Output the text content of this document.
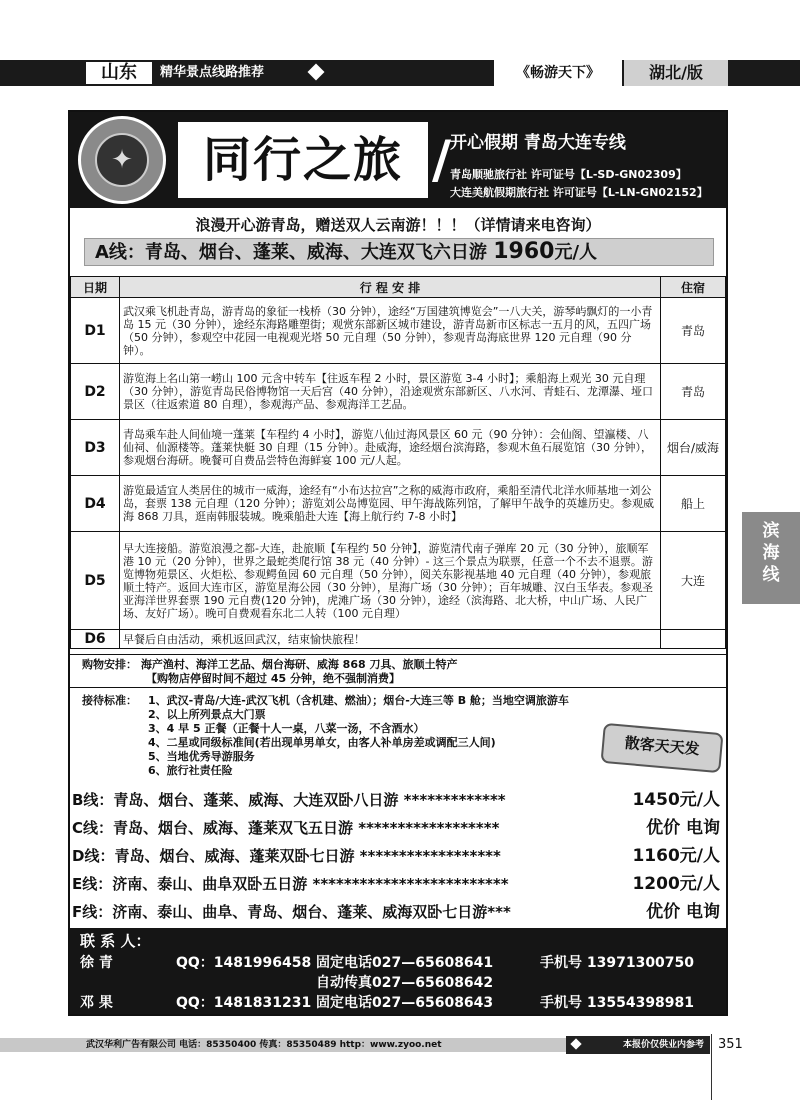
山东	精华景点线路推荐	《畅游天下》	湖北/版
✦	同行之旅 / 开心假期 青岛大连专线
青岛顺驰旅行社 许可证号【L-SD-GN02309】
大连美航假期旅行社 许可证号【L-LN-GN02152】
浪漫开心游青岛，赠送双人云南游！！！（详情请来电咨询）
A线：青岛、烟台、蓬莱、威海、大连双飞六日游 1960元/人
日期	行 程 安 排	住宿
D1	武汉乘飞机赴青岛，游青岛的象征一栈桥（30 分钟），途经“万国建筑博览会”一八大关，游琴屿飘灯的一小青岛 15 元（30 分钟），途经东海路雕塑街；观赏东部新区城市建设，游青岛新市区标志一五月的风，五四广场（50 分钟），参观空中花园一电视观光塔 50 元自理（50 分钟），参观青岛海底世界 120 元自理（90 分钟）。	青岛
D2	游览海上名山第一崂山 100 元含中转车【往返车程 2 小时，景区游览 3-4 小时】；乘船海上观光 30 元自理（30 分钟），游览青岛民俗博物馆一天后宫（40 分钟），沿途观赏东部新区、八水河、青蛙石、龙潭瀑、垭口景区（往返索道 80 自理），参观海产品、参观海洋工艺品。	青岛
D3	青岛乘车赴人间仙境一蓬莱【车程约 4 小时】，游览八仙过海风景区 60 元（90 分钟）：会仙阁、望瀛楼、八仙祠、仙源楼等。蓬莱快艇 30 自理（15 分钟）。赴威海，途经烟台滨海路，参观木鱼石展览馆（30 分钟），参观烟台海研。晚餐可自费品尝特色海鲜宴 100 元/人起。	烟台/威海
D4	游览最适宜人类居住的城市一威海，途经有“小布达拉宫”之称的威海市政府，乘船至清代北洋水师基地一刘公岛，套票 138 元自理（120 分钟）；游览刘公岛博览园、甲午海战陈列馆，了解甲午战争的英雄历史。参观威海 868 刀具，逛南韩服装城。晚乘船赴大连【海上航行约 7-8 小时】	船上
D5	早大连接船。游览浪漫之都-大连，赴旅顺【车程约 50 分钟】，游览清代南子弹库 20 元（30 分钟），旅顺军港 10 元（20 分钟），世界之最蛇类爬行馆 38 元（40 分钟）- 这三个景点为联票，任意一个不去不退票。游览博物苑景区、火炬松、参观鳄鱼园 60 元自理（50 分钟），阅关东影视基地 40 元自理（40 分钟），参观旅顺土特产。返回大连市区，游览星海公园（30 分钟），星海广场（30 分钟）；百年城雕、汉白玉华表。参观圣亚海洋世界套票 190 元自费(120 分钟)，虎滩广场（30 分钟），途经（滨海路、北大桥，中山广场、人民广场、友好广场）。晚可自费观看东北二人转（100 元自理）	大连
D6	早餐后自由活动，乘机返回武汉，结束愉快旅程！	
购物安排： 海产渔村、海洋工艺品、烟台海研、威海 868 刀具、旅顺土特产
【购物店停留时间不超过 45 分钟，绝不强制消费】
接待标准： 1、武汉-青岛/大连-武汉飞机（含机建、燃油）；烟台-大连三等 B 舱；当地空调旅游车
2、以上所列景点大门票
3、4 早 5 正餐（正餐十人一桌，八菜一汤，不含酒水）
4、二星或同级标准间(若出现单男单女，由客人补单房差或调配三人间)
5、当地优秀导游服务
6、旅行社责任险
散客天天发
B线：青岛、烟台、蓬莱、威海、大连双卧八日游 *************	1450元/人
C线：青岛、烟台、威海、蓬莱双飞五日游 ******************	优价 电询
D线：青岛、烟台、威海、蓬莱双卧七日游 ******************	1160元/人
E线：济南、泰山、曲阜双卧五日游 *************************	1200元/人
F线：济南、泰山、曲阜、青岛、烟台、蓬莱、威海双卧七日游***	优价 电询
联 系 人：
徐 青	QQ：1481996458 固定电话027—65608641	手机号 13971300750
自动传真027—65608642
邓 果	QQ：1481831231 固定电话027—65608643	手机号 13554398981
滨海线
武汉华利广告有限公司 电话：85350400 传真：85350489 http：www.zyoo.net	本报价仅供业内参考	351
